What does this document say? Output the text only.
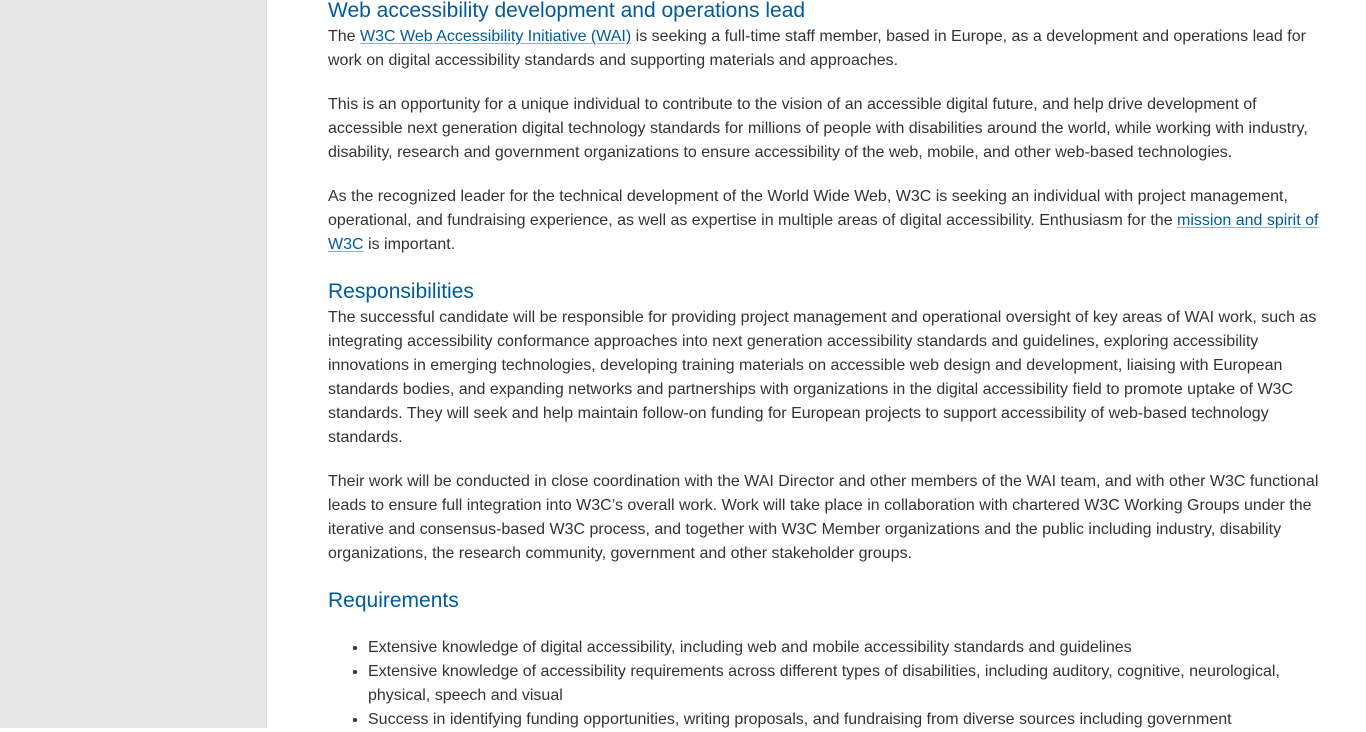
Web accessibility development and operations lead

The W3C Web Accessibility Initiative (WAI) is seeking a full-time staff member, based in Europe, as a development and operations lead for work on digital accessibility standards and supporting materials and approaches.

This is an opportunity for a unique individual to contribute to the vision of an accessible digital future, and help drive development of accessible next generation digital technology standards for millions of people with disabilities around the world, while working with industry, disability, research and government organizations to ensure accessibility of the web, mobile, and other web-based technologies.

As the recognized leader for the technical development of the World Wide Web, W3C is seeking an individual with project management, operational, and fundraising experience, as well as expertise in multiple areas of digital accessibility. Enthusiasm for the mission and spirit of W3C is important.

Responsibilities

The successful candidate will be responsible for providing project management and operational oversight of key areas of WAI work, such as integrating accessibility conformance approaches into next generation accessibility standards and guidelines, exploring accessibility innovations in emerging technologies, developing training materials on accessible web design and development, liaising with European standards bodies, and expanding networks and partnerships with organizations in the digital accessibility field to promote uptake of W3C standards. They will seek and help maintain follow-on funding for European projects to support accessibility of web-based technology standards.

Their work will be conducted in close coordination with the WAI Director and other members of the WAI team, and with other W3C functional leads to ensure full integration into W3C’s overall work. Work will take place in collaboration with chartered W3C Working Groups under the iterative and consensus-based W3C process, and together with W3C Member organizations and the public including industry, disability organizations, the research community, government and other stakeholder groups.

Requirements
• Extensive knowledge of digital accessibility, including web and mobile accessibility standards and guidelines
• Extensive knowledge of accessibility requirements across different types of disabilities, including auditory, cognitive, neurological, physical, speech and visual
• Success in identifying funding opportunities, writing proposals, and fundraising from diverse sources including government
